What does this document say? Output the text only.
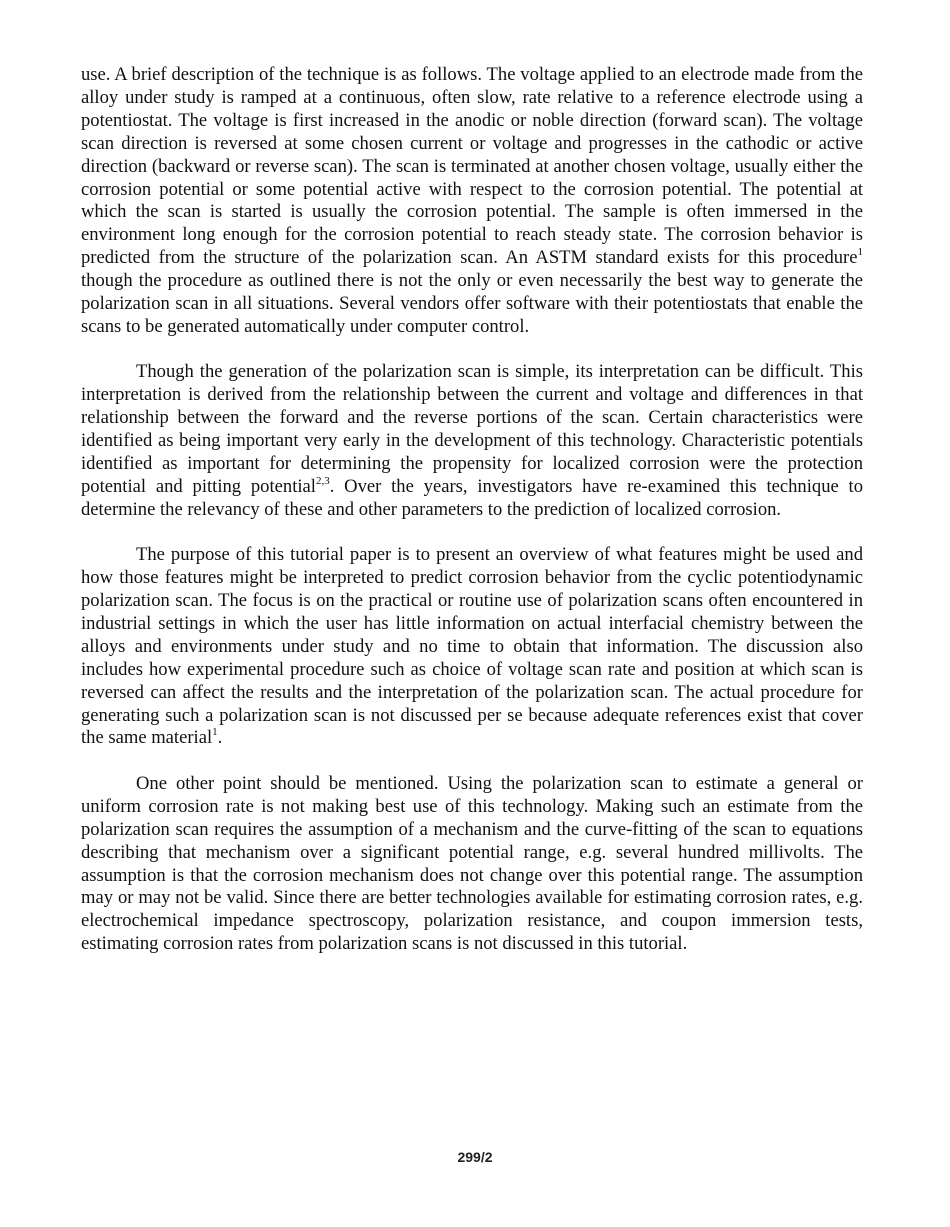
use. A brief description of the technique is as follows. The voltage applied to an electrode made from the alloy under study is ramped at a continuous, often slow, rate relative to a reference electrode using a potentiostat. The voltage is first increased in the anodic or noble direction (forward scan). The voltage scan direction is reversed at some chosen current or voltage and progresses in the cathodic or active direction (backward or reverse scan). The scan is terminated at another chosen voltage, usually either the corrosion potential or some potential active with respect to the corrosion potential. The potential at which the scan is started is usually the corrosion potential. The sample is often immersed in the environment long enough for the corrosion potential to reach steady state. The corrosion behavior is predicted from the structure of the polarization scan. An ASTM standard exists for this procedure$^1$ though the procedure as outlined there is not the only or even necessarily the best way to generate the polarization scan in all situations. Several vendors offer software with their potentiostats that enable the scans to be generated automatically under computer control.

Though the generation of the polarization scan is simple, its interpretation can be difficult. This interpretation is derived from the relationship between the current and voltage and differences in that relationship between the forward and the reverse portions of the scan. Certain characteristics were identified as being important very early in the development of this technology. Characteristic potentials identified as important for determining the propensity for localized corrosion were the protection potential and pitting potential$^{2,3}$. Over the years, investigators have re-examined this technique to determine the relevancy of these and other parameters to the prediction of localized corrosion.

The purpose of this tutorial paper is to present an overview of what features might be used and how those features might be interpreted to predict corrosion behavior from the cyclic potentiodynamic polarization scan. The focus is on the practical or routine use of polarization scans often encountered in industrial settings in which the user has little information on actual interfacial chemistry between the alloys and environments under study and no time to obtain that information. The discussion also includes how experimental procedure such as choice of voltage scan rate and position at which scan is reversed can affect the results and the interpretation of the polarization scan. The actual procedure for generating such a polarization scan is not discussed per se because adequate references exist that cover the same material$^1$.

One other point should be mentioned. Using the polarization scan to estimate a general or uniform corrosion rate is not making best use of this technology. Making such an estimate from the polarization scan requires the assumption of a mechanism and the curve-fitting of the scan to equations describing that mechanism over a significant potential range, e.g. several hundred millivolts. The assumption is that the corrosion mechanism does not change over this potential range. The assumption may or may not be valid. Since there are better technologies available for estimating corrosion rates, e.g. electrochemical impedance spectroscopy, polarization resistance, and coupon immersion tests, estimating corrosion rates from polarization scans is not discussed in this tutorial.

299/2
